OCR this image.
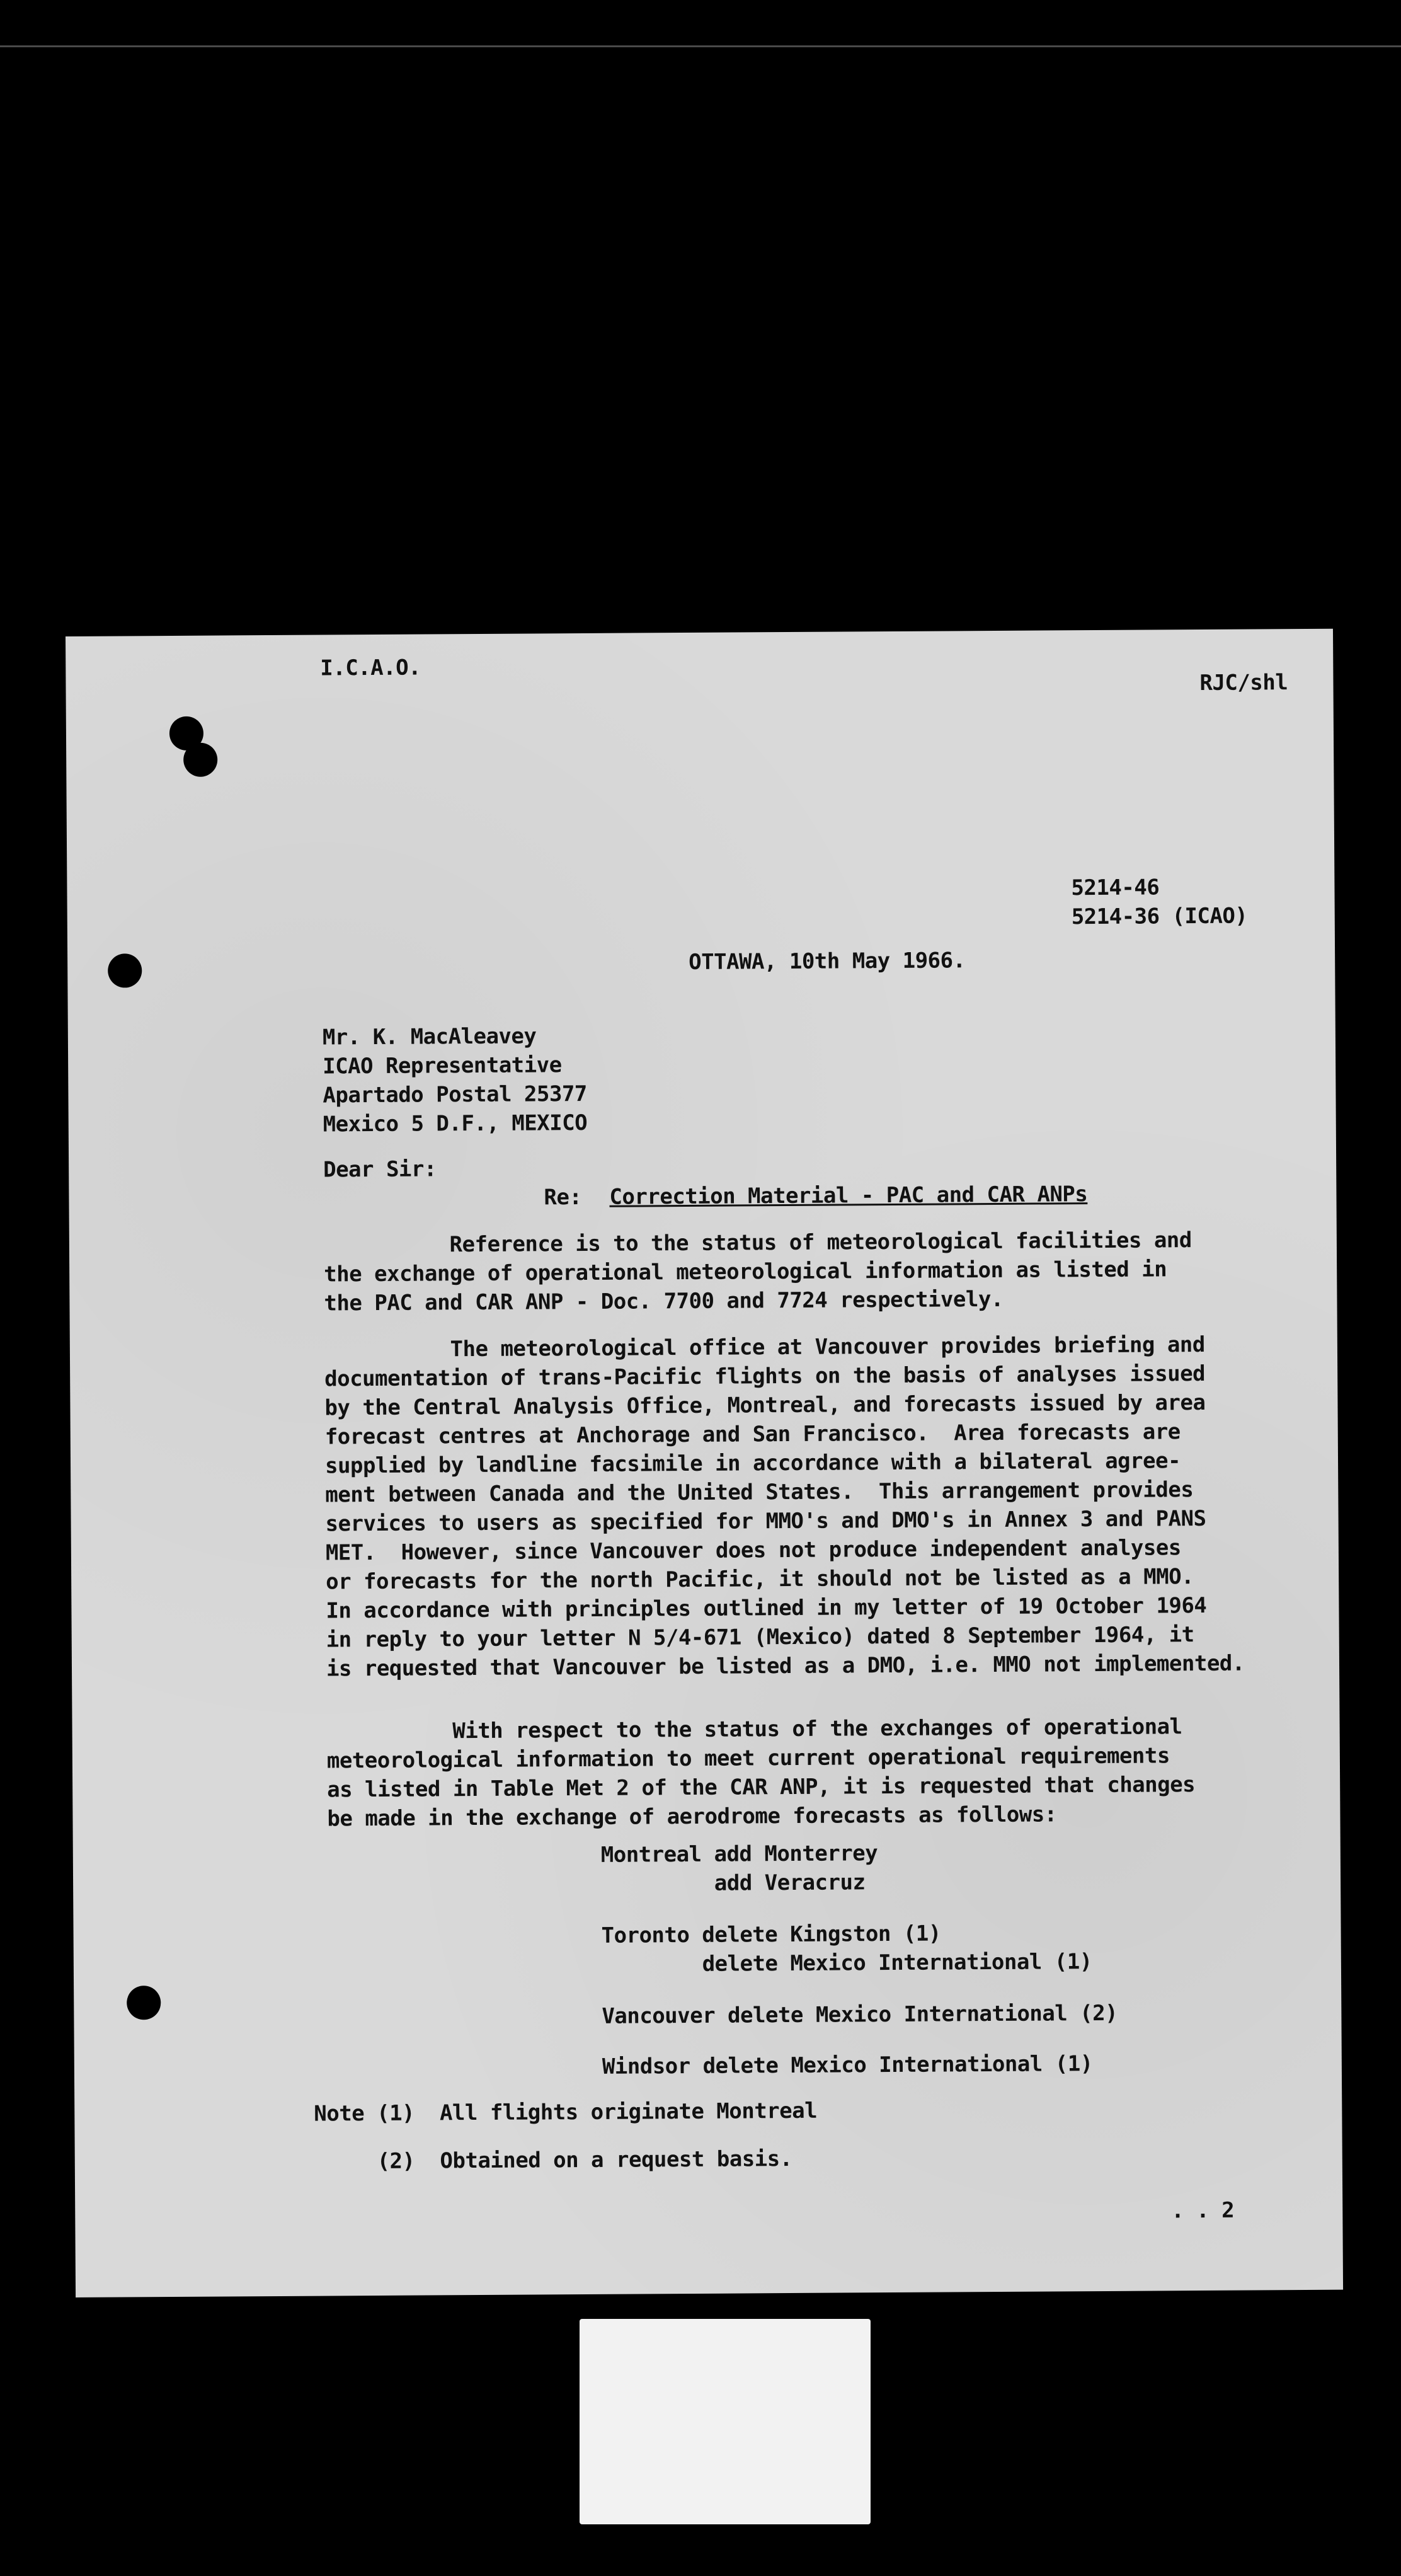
I.C.A.O.
RJC/shl
5214-46
5214-36 (ICAO)
OTTAWA, 10th May 1966.
Mr. K. MacAleavey
ICAO Representative
Apartado Postal 25377
Mexico 5 D.F., MEXICO
Dear Sir:
Re: Correction Material - PAC and CAR ANPs
Reference is to the status of meteorological facilities and
the exchange of operational meteorological information as listed in
the PAC and CAR ANP - Doc. 7700 and 7724 respectively.
The meteorological office at Vancouver provides briefing and
documentation of trans-Pacific flights on the basis of analyses issued
by the Central Analysis Office, Montreal, and forecasts issued by area
forecast centres at Anchorage and San Francisco.  Area forecasts are
supplied by landline facsimile in accordance with a bilateral agree-
ment between Canada and the United States.  This arrangement provides
services to users as specified for MMO's and DMO's in Annex 3 and PANS
MET.  However, since Vancouver does not produce independent analyses
or forecasts for the north Pacific, it should not be listed as a MMO.
In accordance with principles outlined in my letter of 19 October 1964
in reply to your letter N 5/4-671 (Mexico) dated 8 September 1964, it
is requested that Vancouver be listed as a DMO, i.e. MMO not implemented.
With respect to the status of the exchanges of operational
meteorological information to meet current operational requirements
as listed in Table Met 2 of the CAR ANP, it is requested that changes
be made in the exchange of aerodrome forecasts as follows:
Montreal add Monterrey
add Veracruz
Toronto delete Kingston (1)
delete Mexico International (1)
Vancouver delete Mexico International (2)
Windsor delete Mexico International (1)
Note (1)  All flights originate Montreal
(2)  Obtained on a request basis.
. . 2
